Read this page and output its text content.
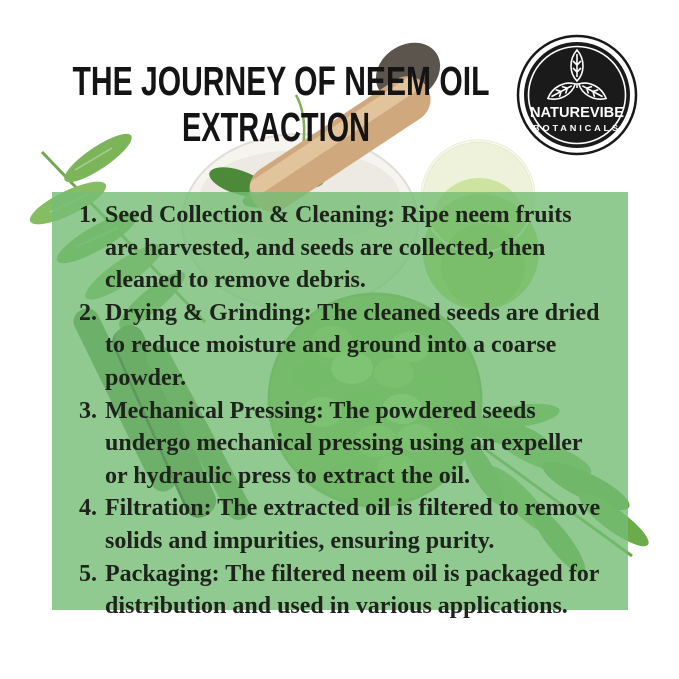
1. Seed Collection & Cleaning: Ripe neem fruits are harvested, and seeds are collected, then cleaned to remove debris.
2. Drying & Grinding: The cleaned seeds are dried to reduce moisture and ground into a coarse powder.
3. Mechanical Pressing: The powdered seeds undergo mechanical pressing using an expeller or hydraulic press to extract the oil.
4. Filtration: The extracted oil is filtered to remove solids and impurities, ensuring purity.
5. Packaging: The filtered neem oil is packaged for distribution and used in various applications.
THE JOURNEY OF NEEM OIL
EXTRACTION	NATUREVIBE
BOTANICALS
